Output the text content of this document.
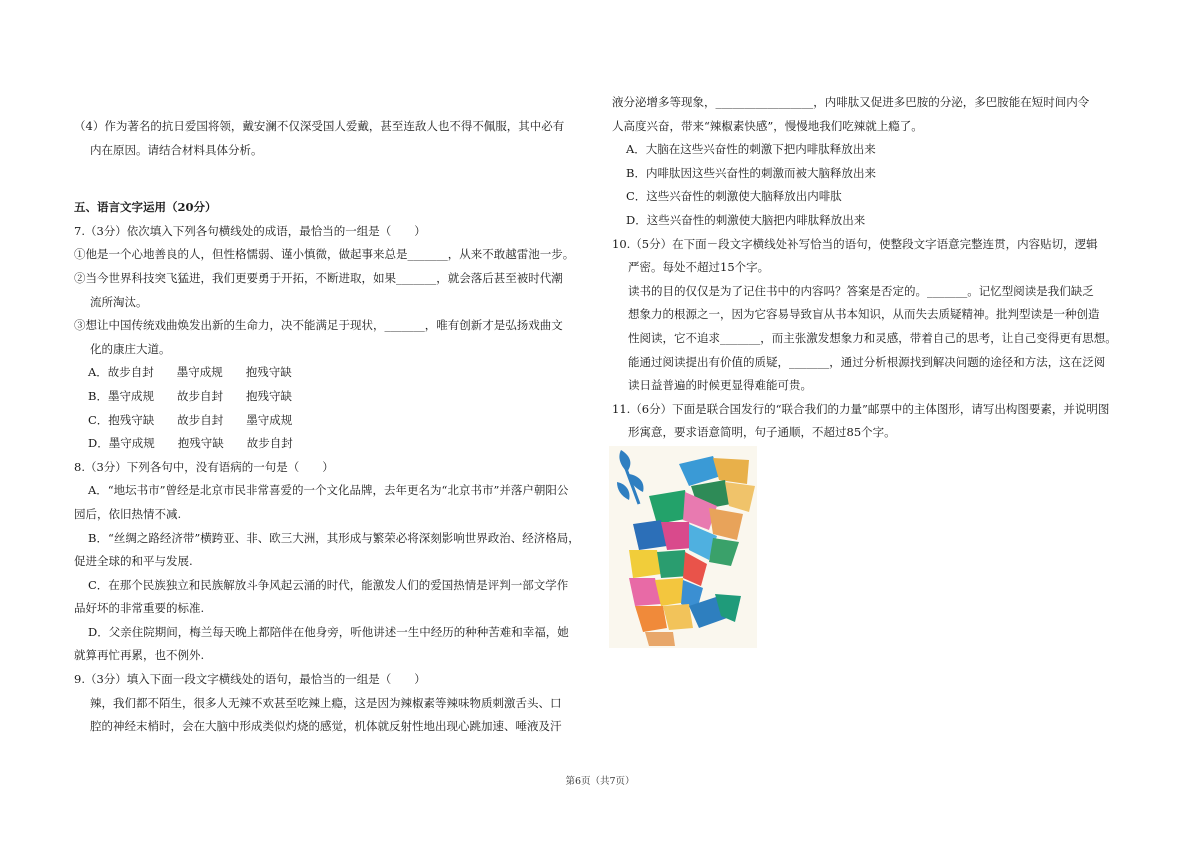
（4）作为著名的抗日爱国将领，戴安澜不仅深受国人爱戴，甚至连敌人也不得不佩服，其中必有

内在原因。请结合材料具体分析。

五、语言文字运用（20分）

7.（3分）依次填入下列各句横线处的成语，最恰当的一组是（　　）

①他是一个心地善良的人，但性格懦弱、谨小慎微，做起事来总是_______，从来不敢越雷池一步。

②当今世界科技突飞猛进，我们更要勇于开拓，不断进取，如果_______，就会落后甚至被时代潮

流所淘汰。

③想让中国传统戏曲焕发出新的生命力，决不能满足于现状，_______，唯有创新才是弘扬戏曲文

化的康庄大道。

A．故步自封　　墨守成规　　抱残守缺

B．墨守成规　　故步自封　　抱残守缺

C．抱残守缺　　故步自封　　墨守成规

D．墨守成规　　抱残守缺　　故步自封

8.（3分）下列各句中，没有语病的一句是（　　）

A．“地坛书市”曾经是北京市民非常喜爱的一个文化品牌，去年更名为“北京书市”并落户朝阳公

园后，依旧热情不减.

B．“丝绸之路经济带”横跨亚、非、欧三大洲，其形成与繁荣必将深刻影响世界政治、经济格局，

促进全球的和平与发展.

C．在那个民族独立和民族解放斗争风起云涌的时代，能激发人们的爱国热情是评判一部文学作

品好坏的非常重要的标准.

D．父亲住院期间，梅兰每天晚上都陪伴在他身旁，听他讲述一生中经历的种种苦难和幸福，她

就算再忙再累，也不例外.

9.（3分）填入下面一段文字横线处的语句，最恰当的一组是（　　）

辣，我们都不陌生，很多人无辣不欢甚至吃辣上瘾，这是因为辣椒素等辣味物质刺激舌头、口

腔的神经末梢时，会在大脑中形成类似灼烧的感觉，机体就反射性地出现心跳加速、唾液及汗

液分泌增多等现象，_________________，内啡肽又促进多巴胺的分泌，多巴胺能在短时间内令

人高度兴奋，带来“辣椒素快感”，慢慢地我们吃辣就上瘾了。

A．大脑在这些兴奋性的刺激下把内啡肽释放出来

B．内啡肽因这些兴奋性的刺激而被大脑释放出来

C．这些兴奋性的刺激使大脑释放出内啡肽

D．这些兴奋性的刺激使大脑把内啡肽释放出来

10.（5分）在下面－段文字横线处补写恰当的语句，使整段文字语意完整连贯，内容贴切，逻辑

严密。每处不超过15个字。

读书的目的仅仅是为了记住书中的内容吗？答案是否定的。_______。记忆型阅读是我们缺乏

想象力的根源之一，因为它容易导致盲从书本知识，从而失去质疑精神。批判型读是一种创造

性阅读，它不追求_______，而主张激发想象力和灵感，带着自己的思考，让自己变得更有思想。

能通过阅读提出有价值的质疑，_______，通过分析根源找到解决问题的途径和方法，这在泛阅

读日益普遍的时候更显得难能可贵。

11.（6分）下面是联合国发行的“联合我们的力量”邮票中的主体图形，请写出构图要素，并说明图

形寓意，要求语意简明，句子通顺，不超过85个字。

第6页（共7页）
